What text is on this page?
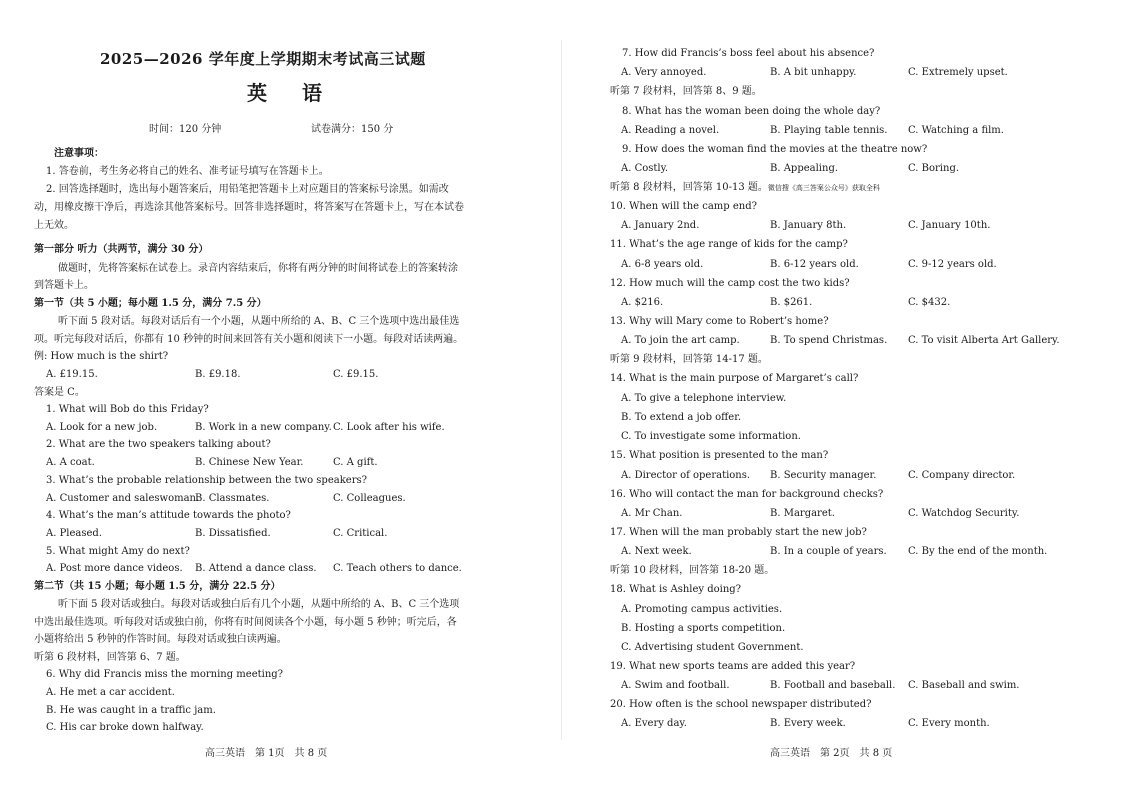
2025—2026 学年度上学期期末考试高三试题
英 语
时间：120 分钟	试卷满分：150 分
注意事项：
1. 答卷前，考生务必将自己的姓名、准考证号填写在答题卡上。
2. 回答选择题时，选出每小题答案后，用铅笔把答题卡上对应题目的答案标号涂黑。如需改
动，用橡皮擦干净后，再选涂其他答案标号。回答非选择题时，将答案写在答题卡上，写在本试卷
上无效。
第一部分 听力（共两节，满分 30 分）
做题时，先将答案标在试卷上。录音内容结束后，你将有两分钟的时间将试卷上的答案转涂
到答题卡上。
第一节（共 5 小题；每小题 1.5 分，满分 7.5 分）
听下面 5 段对话。每段对话后有一个小题，从题中所给的 A、B、C 三个选项中选出最佳选
项。听完每段对话后，你都有 10 秒钟的时间来回答有关小题和阅读下一小题。每段对话读两遍。
例: How much is the shirt?
A. £19.15.	B. £9.18.	C. £9.15.
答案是 C。
1. What will Bob do this Friday?
A. Look for a new job.	B. Work in a new company. C. Look after his wife.
2. What are the two speakers talking about?
A. A coat.	B. Chinese New Year.	C. A gift.
3. What’s the probable relationship between the two speakers?
A. Customer and saleswoman.
B. Classmates.	C. Colleagues.
4. What’s the man’s attitude towards the photo?
A. Pleased.	B. Dissatisfied.	C. Critical.
5. What might Amy do next?
A. Post more dance videos. B. Attend a dance class. C. Teach others to dance.
第二节（共 15 小题；每小题 1.5 分，满分 22.5 分）
听下面 5 段对话或独白。每段对话或独白后有几个小题，从题中所给的 A、B、C 三个选项
中选出最佳选项。听每段对话或独白前，你将有时间阅读各个小题，每小题 5 秒钟；听完后，各
小题将给出 5 秒钟的作答时间。每段对话或独白读两遍。
听第 6 段材料，回答第 6、7 题。
6. Why did Francis miss the morning meeting?
A. He met a car accident.
B. He was caught in a traffic jam.
C. His car broke down halfway.
7. How did Francis’s boss feel about his absence?
A. Very annoyed.	B. A bit unhappy.	C. Extremely upset.
听第 7 段材料，回答第 8、9 题。
8. What has the woman been doing the whole day?
A. Reading a novel.	B. Playing table tennis. C. Watching a film.
9. How does the woman find the movies at the theatre now?
A. Costly.	B. Appealing.	C. Boring.
听第 8 段材料，回答第 10-13 题。微信搜《高三答案公众号》获取全科
10. When will the camp end?
A. January 2nd.	B. January 8th.	C. January 10th.
11. What’s the age range of kids for the camp?
A. 6-8 years old.	B. 6-12 years old.	C. 9-12 years old.
12. How much will the camp cost the two kids?
A. $216.	B. $261.	C. $432.
13. Why will Mary come to Robert’s home?
A. To join the art camp.	B. To spend Christmas. C. To visit Alberta Art Gallery.
听第 9 段材料，回答第 14-17 题。
14. What is the main purpose of Margaret’s call?
A. To give a telephone interview.
B. To extend a job offer.
C. To investigate some information.
15. What position is presented to the man?
A. Director of operations. B. Security manager.	C. Company director.
16. Who will contact the man for background checks?
A. Mr Chan.	B. Margaret.	C. Watchdog Security.
17. When will the man probably start the new job?
A. Next week.	B. In a couple of years. C. By the end of the month.
听第 10 段材料，回答第 18-20 题。
18. What is Ashley doing?
A. Promoting campus activities.
B. Hosting a sports competition.
C. Advertising student Government.
19. What new sports teams are added this year?
A. Swim and football.	B. Football and baseball. C. Baseball and swim.
20. How often is the school newspaper distributed?
A. Every day.	B. Every week.	C. Every month.
高三英语　第 1页　共 8 页	高三英语　第 2页　共 8 页
